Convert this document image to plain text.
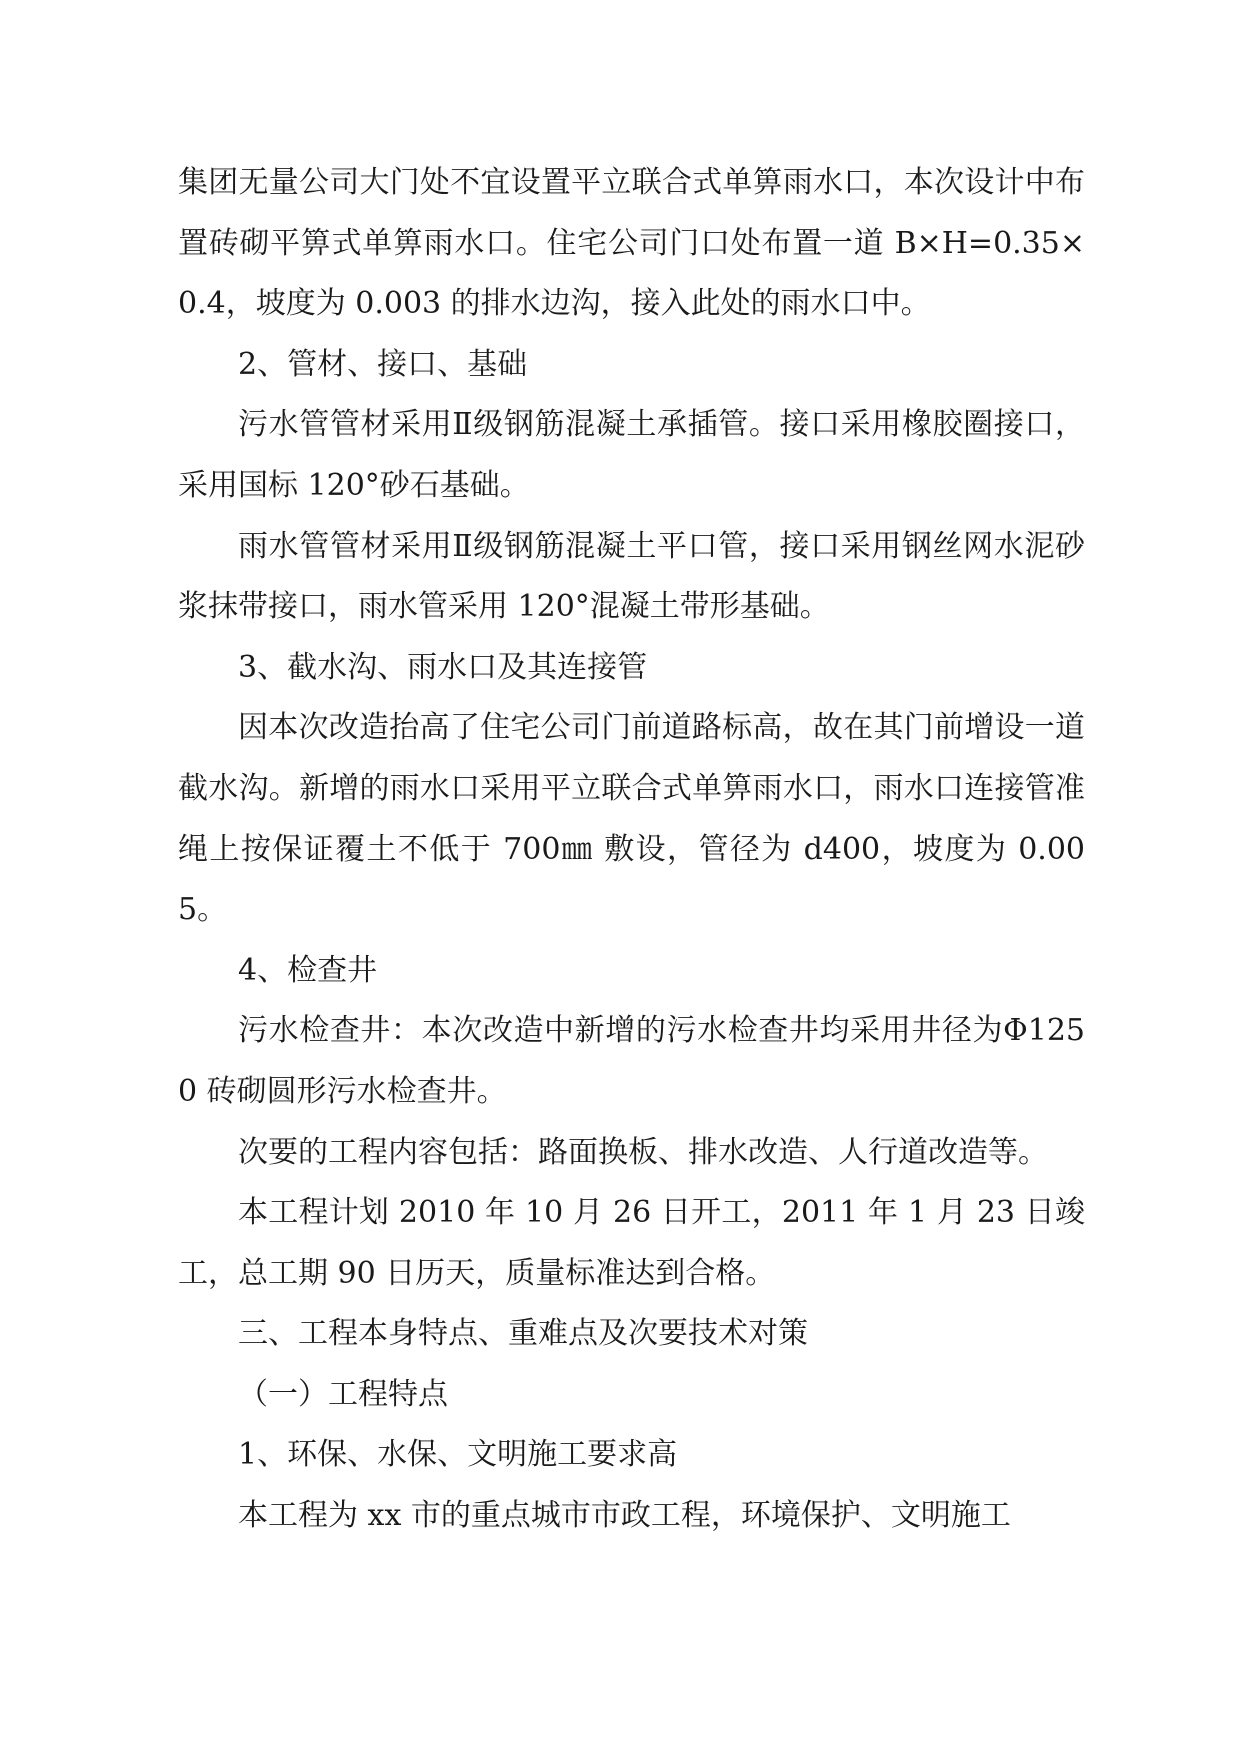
集团无量公司大门处不宜设置平立联合式单箅雨水口，本次设计中布置砖砌平箅式单箅雨水口。住宅公司门口处布置一道 B×H=0.35×0.4，坡度为 0.003 的排水边沟，接入此处的雨水口中。

2、管材、接口、基础

污水管管材采用Ⅱ级钢筋混凝土承插管。接口采用橡胶圈接口，采用国标 120°砂石基础。

雨水管管材采用Ⅱ级钢筋混凝土平口管，接口采用钢丝网水泥砂浆抹带接口，雨水管采用 120°混凝土带形基础。

3、截水沟、雨水口及其连接管

因本次改造抬高了住宅公司门前道路标高，故在其门前增设一道截水沟。新增的雨水口采用平立联合式单箅雨水口，雨水口连接管准绳上按保证覆土不低于 700㎜ 敷设，管径为 d400，坡度为 0.005。

4、检查井

污水检查井：本次改造中新增的污水检查井均采用井径为Φ1250 砖砌圆形污水检查井。

次要的工程内容包括：路面换板、排水改造、人行道改造等。

本工程计划 2010 年 10 月 26 日开工，2011 年 1 月 23 日竣工，总工期 90 日历天，质量标准达到合格。

三、工程本身特点、重难点及次要技术对策

（一）工程特点

1、环保、水保、文明施工要求高

本工程为 xx 市的重点城市市政工程，环境保护、文明施工
